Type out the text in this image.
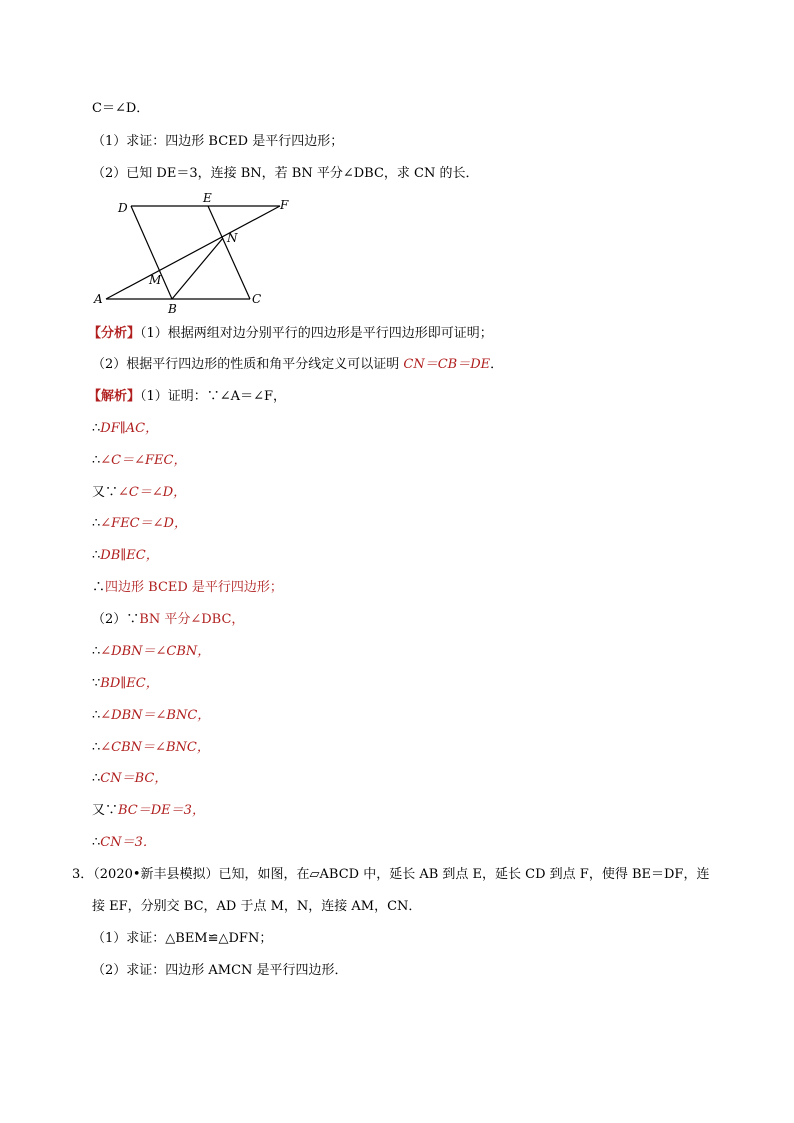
C＝∠D．
（1）求证：四边形 BCED 是平行四边形；
（2）已知 DE＝3，连接 BN，若 BN 平分∠DBC，求 CN 的长．
D
E	F
N
M
A
B
C
【分析】（1）根据两组对边分别平行的四边形是平行四边形即可证明；
（2）根据平行四边形的性质和角平分线定义可以证明 CN＝CB＝DE．
【解析】（1）证明：∵∠A＝∠F，
∴DF∥AC，
∴∠C＝∠FEC，
又∵∠C＝∠D，
∴∠FEC＝∠D，
∴DB∥EC，
∴四边形 BCED 是平行四边形；
（2）∵BN 平分∠DBC，
∴∠DBN＝∠CBN，
∵BD∥EC，
∴∠DBN＝∠BNC，
∴∠CBN＝∠BNC，
∴CN＝BC，
又∵BC＝DE＝3，
∴CN＝3．
3．（2020•新丰县模拟）已知，如图，在▱ABCD 中，延长 AB 到点 E，延长 CD 到点 F，使得 BE＝DF，连
接 EF，分别交 BC，AD 于点 M，N，连接 AM，CN．
（1）求证：△BEM≌△DFN；
（2）求证：四边形 AMCN 是平行四边形．
